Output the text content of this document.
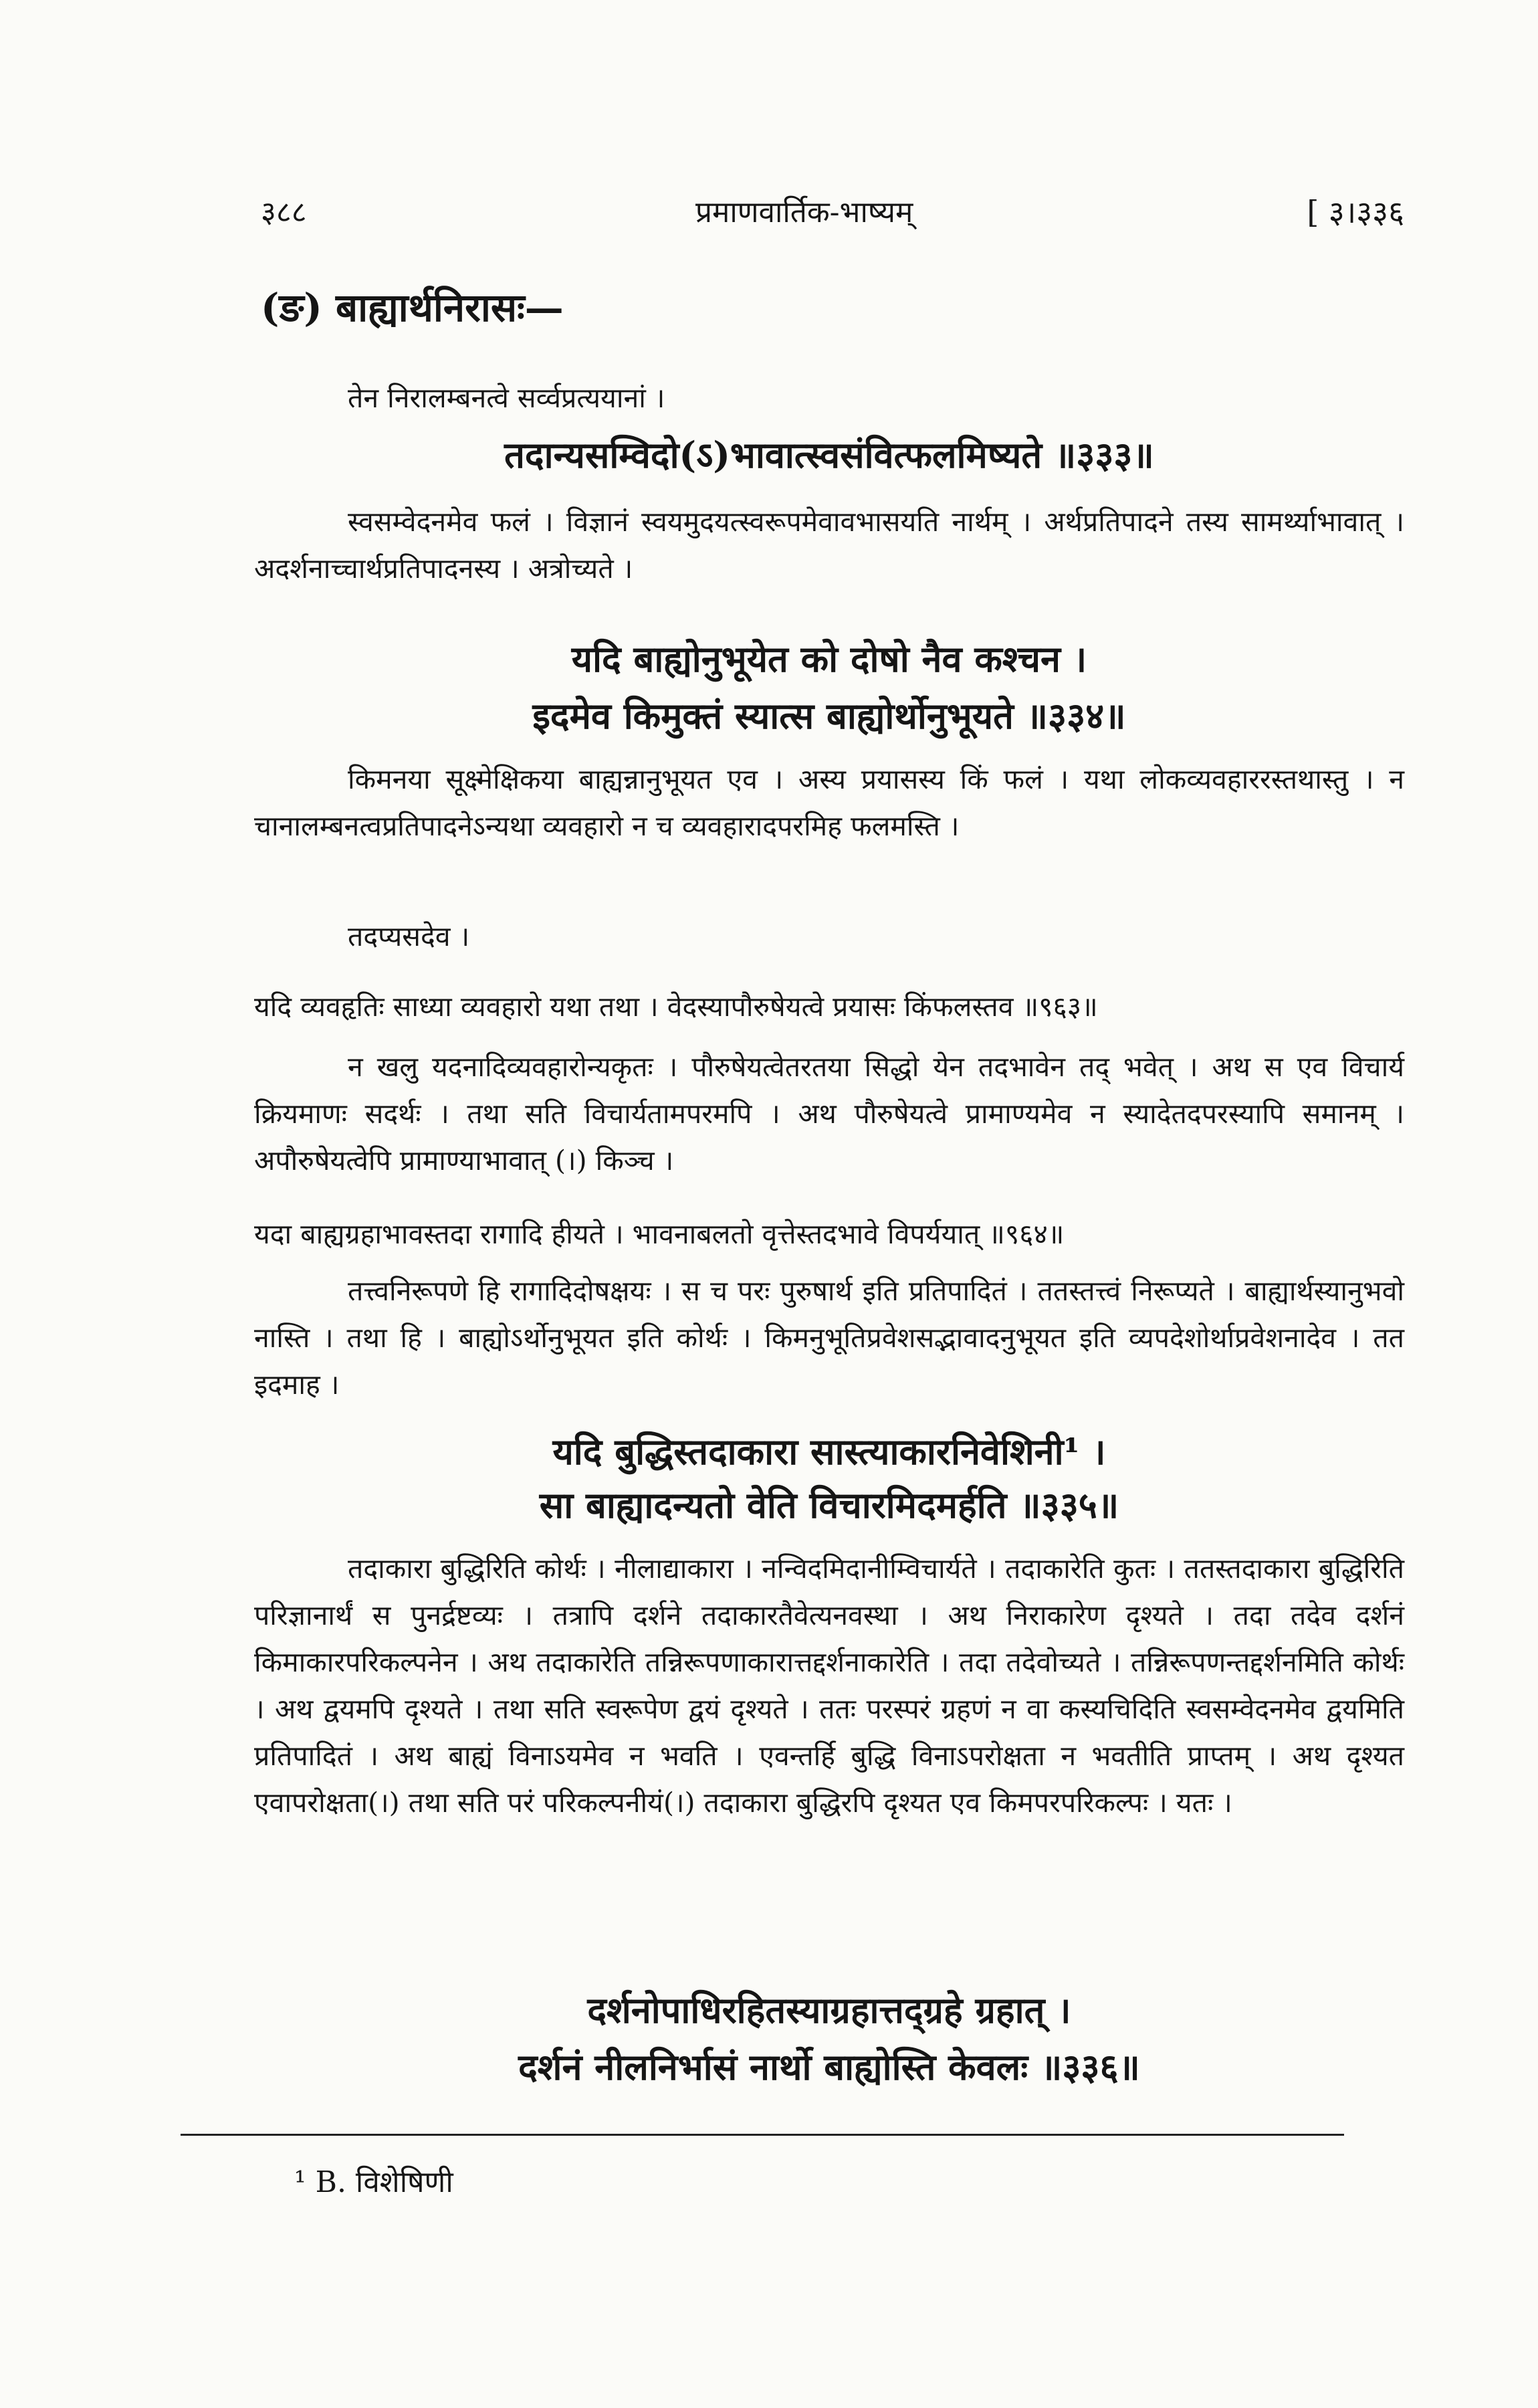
३८८	प्रमाणवार्तिक-भाष्यम्	[ ३।३३६
(ङ) बाह्यार्थनिरासः—
तेन निरालम्बनत्वे सर्व्वप्रत्ययानां ।
तदान्यसम्विदो(ऽ)भावात्स्वसंवित्फलमिष्यते ॥३३३॥
स्वसम्वेदनमेव फलं । विज्ञानं स्वयमुदयत्स्वरूपमेवावभासयति नार्थम् । अर्थप्रतिपादने तस्य सामर्थ्याभावात् । अदर्शनाच्चार्थप्रतिपादनस्य । अत्रोच्यते ।
यदि बाह्योनुभूयेत को दोषो नैव कश्चन ।
इदमेव किमुक्तं स्यात्स बाह्योर्थोनुभूयते ॥३३४॥
किमनया सूक्ष्मेक्षिकया बाह्यन्नानुभूयत एव । अस्य प्रयासस्य किं फलं । यथा लोकव्यवहाररस्तथास्तु । न चानालम्बनत्वप्रतिपादनेऽन्यथा व्यवहारो न च व्यवहारादपरमिह फलमस्ति ।
तदप्यसदेव ।
यदि व्यवहृतिः साध्या व्यवहारो यथा तथा । वेदस्यापौरुषेयत्वे प्रयासः किंफलस्तव ॥९६३॥
न खलु यदनादिव्यवहारोन्यकृतः । पौरुषेयत्वेतरतया सिद्धो येन तदभावेन तद् भवेत् । अथ स एव विचार्य क्रियमाणः सदर्थः । तथा सति विचार्यतामपरमपि । अथ पौरुषेयत्वे प्रामाण्यमेव न स्यादेतदपरस्यापि समानम् । अपौरुषेयत्वेपि प्रामाण्याभावात् (।) किञ्च ।
यदा बाह्यग्रहाभावस्तदा रागादि हीयते । भावनाबलतो वृत्तेस्तदभावे विपर्ययात् ॥९६४॥
तत्त्वनिरूपणे हि रागादिदोषक्षयः । स च परः पुरुषार्थ इति प्रतिपादितं । ततस्तत्त्वं निरूप्यते । बाह्यार्थस्यानुभवो नास्ति । तथा हि । बाह्योऽर्थोनुभूयत इति कोर्थः । किमनुभूतिप्रवेशसद्भावादनुभूयत इति व्यपदेशोर्थाप्रवेशनादेव । तत इदमाह ।
यदि बुद्धिस्तदाकारा सास्त्याकारनिवेशिनी¹ ।
सा बाह्यादन्यतो वेति विचारमिदमर्हति ॥३३५॥
तदाकारा बुद्धिरिति कोर्थः । नीलाद्याकारा । नन्विदमिदानीम्विचार्यते । तदाकारेति कुतः । ततस्तदाकारा बुद्धिरिति परिज्ञानार्थं स पुनर्द्रष्टव्यः । तत्रापि दर्शने तदाकारतैवेत्यनवस्था । अथ निराकारेण दृश्यते । तदा तदेव दर्शनं किमाकारपरिकल्पनेन । अथ तदाकारेति तन्निरूपणाकारात्तद्दर्शनाकारेति । तदा तदेवोच्यते । तन्निरूपणन्तद्दर्शनमिति कोर्थः । अथ द्वयमपि दृश्यते । तथा सति स्वरूपेण द्वयं दृश्यते । ततः परस्परं ग्रहणं न वा कस्यचिदिति स्वसम्वेदनमेव द्वयमिति प्रतिपादितं । अथ बाह्यं विनाऽयमेव न भवति । एवन्तर्हि बुद्धि विनाऽपरोक्षता न भवतीति प्राप्तम् । अथ दृश्यत एवापरोक्षता(।) तथा सति परं परिकल्पनीयं(।) तदाकारा बुद्धिरपि दृश्यत एव किमपरपरिकल्पः । यतः ।
दर्शनोपाधिरहितस्याग्रहात्तद्ग्रहे ग्रहात् ।
दर्शनं नीलनिर्भासं नार्थो बाह्योस्ति केवलः ॥३३६॥
¹ B. विशेषिणी
